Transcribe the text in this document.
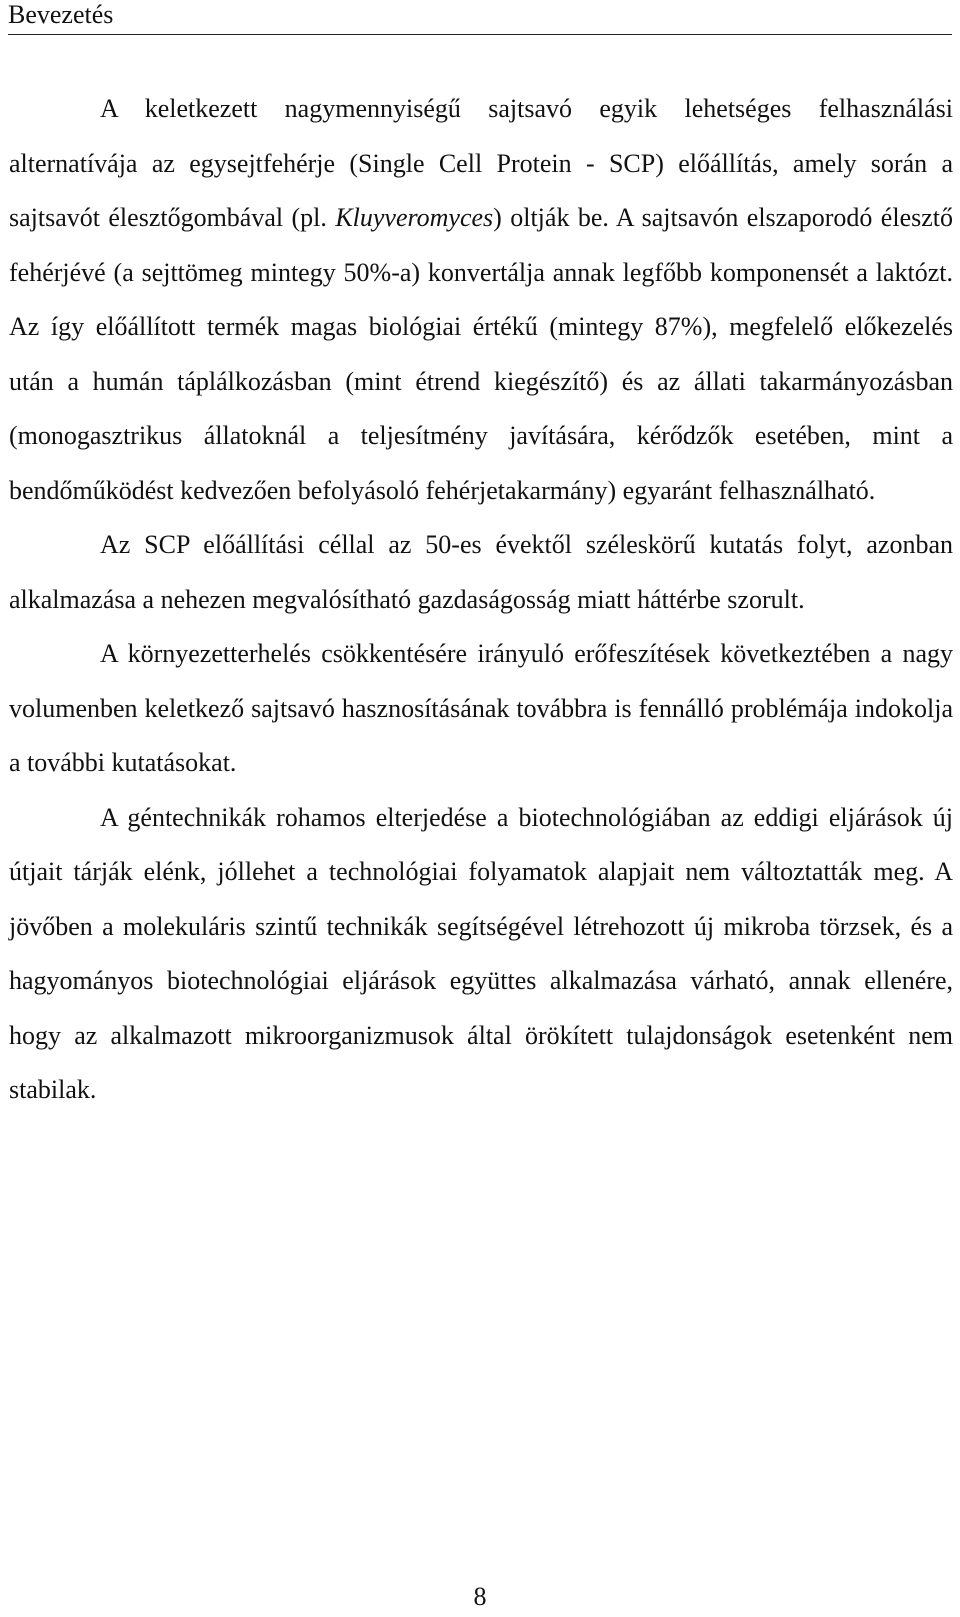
Bevezetés

A keletkezett nagymennyiségű sajtsavó egyik lehetséges felhasználási alternatívája az egysejtfehérje (Single Cell Protein - SCP) előállítás, amely során a sajtsavót élesztőgombával (pl. Kluyveromyces) oltják be. A sajtsavón elszaporodó élesztő fehérjévé (a sejttömeg mintegy 50%-a) konvertálja annak legfőbb komponensét a laktózt. Az így előállított termék magas biológiai értékű (mintegy 87%), megfelelő előkezelés után a humán táplálkozásban (mint étrend kiegészítő) és az állati takarmányozásban (monogasztrikus állatoknál a teljesítmény javítására, kérődzők esetében, mint a bendőműködést kedvezően befolyásoló fehérjetakarmány) egyaránt felhasználható.

Az SCP előállítási céllal az 50-es évektől széleskörű kutatás folyt, azonban alkalmazása a nehezen megvalósítható gazdaságosság miatt háttérbe szorult.

A környezetterhelés csökkentésére irányuló erőfeszítések következtében a nagy volumenben keletkező sajtsavó hasznosításának továbbra is fennálló problémája indokolja a további kutatásokat.

A géntechnikák rohamos elterjedése a biotechnológiában az eddigi eljárások új útjait tárják elénk, jóllehet a technológiai folyamatok alapjait nem változtatták meg. A jövőben a molekuláris szintű technikák segítségével létrehozott új mikroba törzsek, és a hagyományos biotechnológiai eljárások együttes alkalmazása várható, annak ellenére, hogy az alkalmazott mikroorganizmusok által örökített tulajdonságok esetenként nem stabilak.

8
